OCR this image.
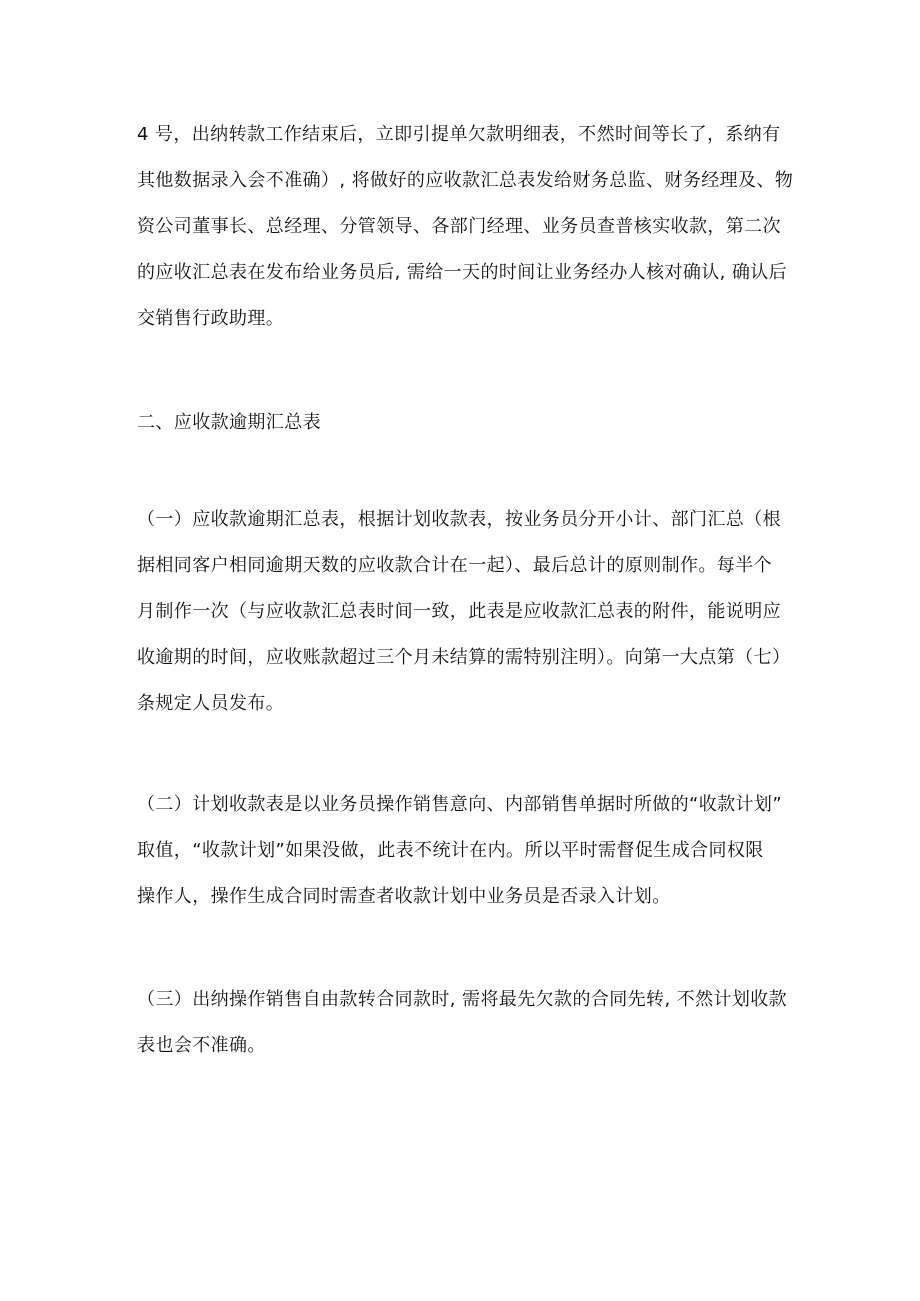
4 号，出纳转款工作结束后，立即引提单欠款明细表，不然时间等长了，系纳有
其他数据录入会不准确）, 将做好的应收款汇总表发给财务总监、财务经理及、物
资公司董事长、总经理、分管领导、各部门经理、业务员查普核实收款，第二次
的应收汇总表在发布给业务员后, 需给一天的时间让业务经办人核对确认, 确认后
交销售行政助理。
二、应收款逾期汇总表
（一）应收款逾期汇总表，根据计划收款表，按业务员分开小计、部门汇总（根
据相同客户相同逾期天数的应收款合计在一起）、最后总计的原则制作。每半个
月制作一次（与应收款汇总表时间一致，此表是应收款汇总表的附件，能说明应
收逾期的时间，应收账款超过三个月未结算的需特别注明）。向第一大点第（七）
条规定人员发布。
（二）计划收款表是以业务员操作销售意向、内部销售单据时所做的“收款计划”
取值，“收款计划”如果没做，此表不统计在内。所以平时需督促生成合同权限
操作人，操作生成合同时需查者收款计划中业务员是否录入计划。
（三）出纳操作销售自由款转合同款时, 需将最先欠款的合同先转, 不然计划收款
表也会不准确。
